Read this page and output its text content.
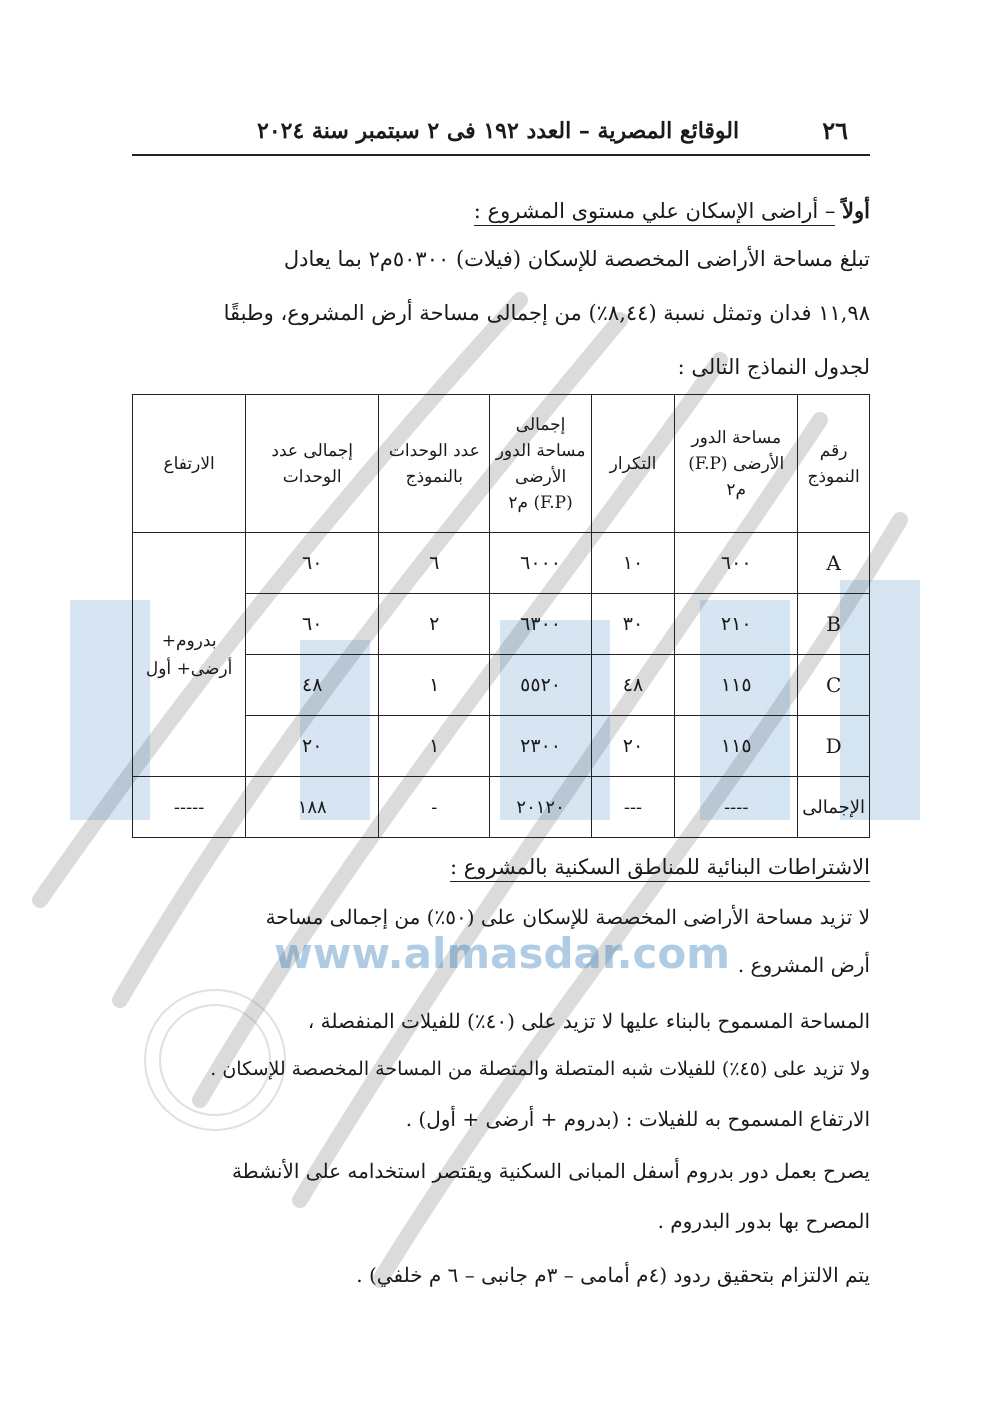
www.almasdar.com
٢٦
الوقائع المصرية – العدد ١٩٢ فى ٢ سبتمبر سنة ٢٠٢٤
أولاً – أراضى الإسكان علي مستوى المشروع :
تبلغ مساحة الأراضى المخصصة للإسكان (فيلات) ٥٠٣٠٠م٢ بما يعادل
١١,٩٨ فدان وتمثل نسبة (٨,٤٤٪) من إجمالى مساحة أرض المشروع، وطبقًا
لجدول النماذج التالى :
رقم النموذج	مساحة الدور الأرضى (F.P) م٢	التكرار	إجمالى مساحة الدور الأرضى (F.P) م٢	عدد الوحدات بالنموذج	إجمالى عدد الوحدات	الارتفاع
A	٦٠٠	١٠	٦٠٠٠	٦	٦٠	بدروم+ أرضى+ أول
B	٢١٠	٣٠	٦٣٠٠	٢	٦٠	
C	١١٥	٤٨	٥٥٢٠	١	٤٨	
D	١١٥	٢٠	٢٣٠٠	١	٢٠	
الإجمالى	----	---	٢٠١٢٠	-	١٨٨	-----
الاشتراطات البنائية للمناطق السكنية بالمشروع :
لا تزيد مساحة الأراضى المخصصة للإسكان على (٥٠٪) من إجمالى مساحة
أرض المشروع .
المساحة المسموح بالبناء عليها لا تزيد على (٤٠٪) للفيلات المنفصلة ،
ولا تزيد على (٤٥٪) للفيلات شبه المتصلة والمتصلة من المساحة المخصصة للإسكان .
الارتفاع المسموح به للفيلات : (بدروم + أرضى + أول) .
يصرح بعمل دور بدروم أسفل المبانى السكنية ويقتصر استخدامه على الأنشطة
المصرح بها بدور البدروم .
يتم الالتزام بتحقيق ردود (٤م أمامى – ٣م جانبى – ٦ م خلفي) .
